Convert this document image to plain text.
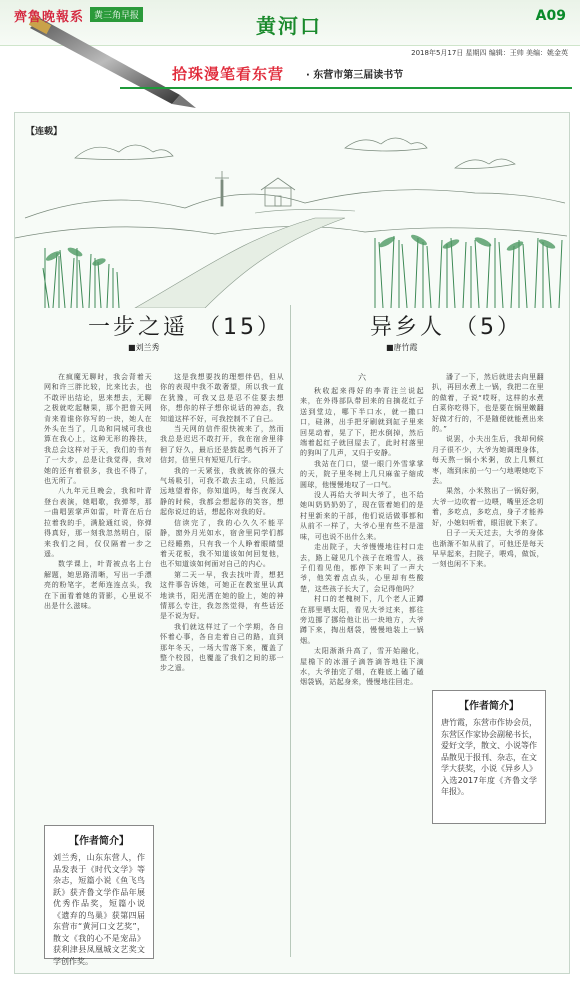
齊魯晚報系	黄三角早报	黄河口	A09
2018年5月17日 星期四 编辑：王帅 美编：姚金英
拾珠漫笔看东营 · 东营市第三届读书节
【连载】
一步之遥 （15）	异乡人 （5）
■刘兰秀	■唐竹霞

在疯魔无聊时，我会背着天网和许三胖比较，比来比去，也不敢评出结论，思来想去，无聊之极就吃起糖果，那个把曾天网肯来看谁你你写的一块，她人在外头在当了，几岛和同城可我也算在我心上，这种无形的搀扶，我总会这样对于天，我们的书有了一大步，总是让我觉得，我对她的还有着很多，我也不得了，也无所了。

八九年元旦晚会，我和叶青登台表演，她唱歌，我弹琴，那一曲唱罢掌声如雷，叶青在后台拉着我的手，满脸通红说，你弹得真好，那一刻我忽然明白，原来我们之间，仅仅隔着一步之遥。

数学课上，叶青被点名上台解题，她思路清晰，写出一手漂亮的粉笔字，老师连连点头，我在下面看着她的背影，心里说不出是什么滋味。

这是我想要找的理想伴侣，但从你的表现中我不敢奢望，所以我一直在犹豫，可我又总是忍不住要去想你，想你的样子想你说话的神态，我知道这样不好，可我控制不了自己。

当天网的信件很快被来了，然而我总是迟迟不敢打开，我在宿舍里徘徊了好久，最后还是鼓起勇气拆开了信封，信里只有短短几行字。

我的一天紧张，我就被你的强大气场吸引，可我不敢去主动，只能远远地望着你，你知道吗，每当夜深人静的时候，我都会想起你的笑容，想起你说过的话，想起你对我的好。

信读完了，我的心久久不能平静，窗外月光如水，宿舍里同学们都已经睡熟，只有我一个人睁着眼睛望着天花板，我不知道该如何回复他，也不知道该如何面对自己的内心。

第二天一早，我去找叶青，想把这件事告诉她，可她正在教室里认真地读书，阳光洒在她的脸上，她的神情那么专注，我忽然觉得，有些话还是不说为好。

我们就这样过了一个学期，各自怀着心事，各自走着自己的路，直到那年冬天，一场大雪落下来，覆盖了整个校园，也覆盖了我们之间的那一步之遥。

六

秋收起来得好的李青注兰说起来，在外得部队带回来的自摘花红子送到堂边，哪下半口水，就一撒口口，硅淋，出手把牙刷就到缸子里来回晃动着，晃了下，把水倒掉，然后端着起红子就回屋去了，此时村落里的狗叫了几声，又归于安静。

我站在门口，望一眼门外雪掌掌的天，院子里冬树上几只麻雀子缩成圆球，他慢慢地叹了一口气。

没人再给大爷叫大爷了，也不给她叫奶奶奶奶了，现在管着她们的是村里新来的干部，他们说话做事都和从前不一样了，大爷心里有些不是滋味，可也说不出什么来。

走出院子，大爷慢慢地往村口走去，路上碰见几个孩子在堆雪人，孩子们看见他，都停下来叫了一声大爷，他笑着点点头，心里却有些酸楚，这些孩子长大了，会记得他吗？

村口的老槐树下，几个老人正蹲在那里晒太阳，看见大爷过来，都往旁边挪了挪给他让出一块地方，大爷蹲下来，掏出烟袋，慢慢地装上一锅烟。

太阳渐渐升高了，雪开始融化，屋檐下的冰溜子滴答滴答地往下滴水，大爷抽完了烟，在鞋底上磕了磕烟袋锅，站起身来，慢慢地往回走。

潘了一下，然后就进去向里翻扒，再回水煮上一锅，我把二在里的做着，子说“哎呀，这样的水煮白菜你吃得下，也是要在锅里嫩翻好做才行的，不是随便就能煮出来的。”

说罢，小夫出生后，我却伺候月子很不少，大爷为她调理身体，每天熬一锅小米粥，放上几颗红枣，端到床前一勺一勺地喂她吃下去。

果然，小米熬出了一锅好粥，大爷一边吹着一边喂，嘴里还念叨着，多吃点，多吃点，身子才能养好，小媳妇听着，眼泪就下来了。

日子一天天过去，大爷的身体也渐渐不如从前了，可他还是每天早早起来，扫院子，喂鸡，做饭，一刻也闲不下来。

【作者简介】
刘兰秀，山东东营人，作品发表于《时代文学》等杂志，短篇小说《鱼飞鸟跃》获齐鲁文学作品年展优秀作品奖，短篇小说《遗弃的鸟巢》获第四届东营市“黄河口文艺奖”，散文《我的心不是宠品》获利津县凤凰城文艺奖文学创作奖。
【作者简介】
唐竹霞，东营市作协会员，东营区作家协会副秘书长，爱好文学，散文、小说等作品散见于报刊、杂志，在文学大获奖，小说《异乡人》入选2017年度《齐鲁文学年报》。
